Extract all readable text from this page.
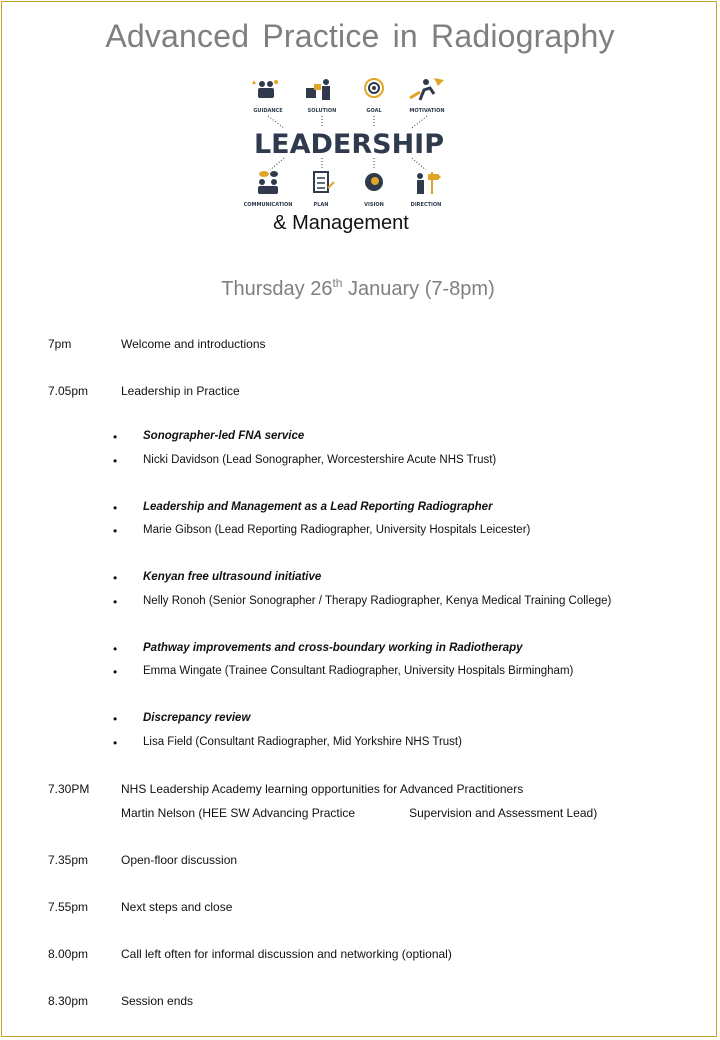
Advanced Practice in Radiography
GUIDANCE	SOLUTION	GOAL	MOTIVATION
LEADERSHIP
COMMUNICATION	PLAN	VISION	DIRECTION
& Management
Thursday 26th January (7-8pm)
7pm	Welcome and introductions
7.05pm	Leadership in Practice
• Sonographer-led FNA service
• Nicki Davidson (Lead Sonographer, Worcestershire Acute NHS Trust)
• Leadership and Management as a Lead Reporting Radiographer
• Marie Gibson (Lead Reporting Radiographer, University Hospitals Leicester)
• Kenyan free ultrasound initiative
• Nelly Ronoh (Senior Sonographer / Therapy Radiographer, Kenya Medical Training College)
• Pathway improvements and cross-boundary working in Radiotherapy
• Emma Wingate (Trainee Consultant Radiographer, University Hospitals Birmingham)
• Discrepancy review
• Lisa Field (Consultant Radiographer, Mid Yorkshire NHS Trust)
7.30PM	NHS Leadership Academy learning opportunities for Advanced Practitioners
Martin Nelson (HEE SW Advancing Practice	Supervision and Assessment Lead)
7.35pm	Open-floor discussion
7.55pm	Next steps and close
8.00pm	Call left often for informal discussion and networking (optional)
8.30pm	Session ends
